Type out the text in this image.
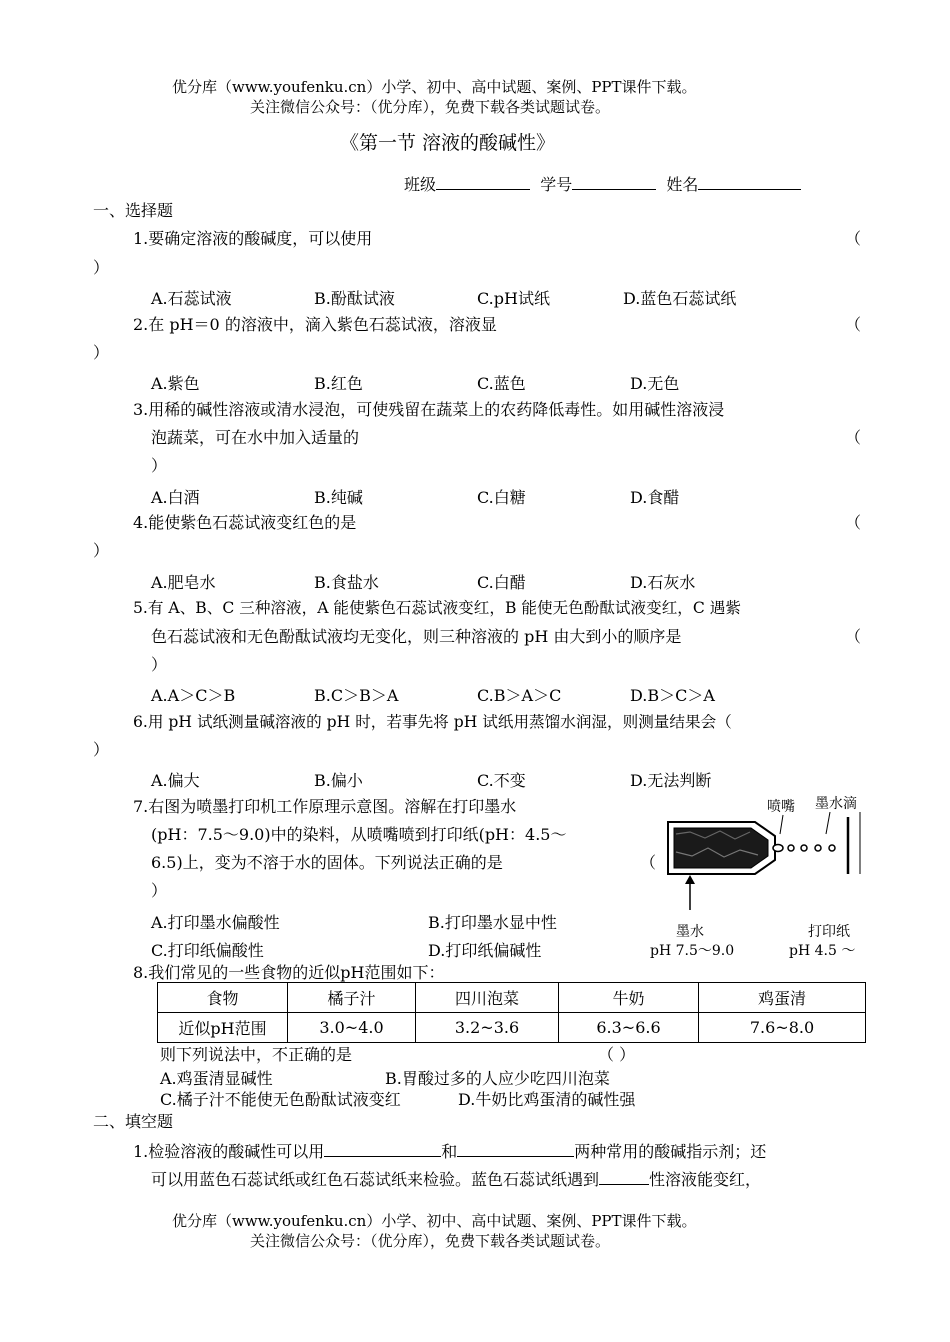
优分库（www.youfenku.cn）小学、初中、高中试题、案例、PPT课件下载。
关注微信公众号：（优分库），免费下载各类试题试卷。
《第一节 溶液的酸碱性》
班级	学号	姓名
一、选择题
1.要确定溶液的酸碱度，可以使用	（
）
A.石蕊试液	B.酚酞试液	C.pH试纸	D.蓝色石蕊试纸
2.在 pH＝0 的溶液中，滴入紫色石蕊试液，溶液显	（
）
A.紫色	B.红色	C.蓝色	D.无色
3.用稀的碱性溶液或清水浸泡，可使残留在蔬菜上的农药降低毒性。如用碱性溶液浸
泡蔬菜，可在水中加入适量的	（
）
A.白酒	B.纯碱	C.白糖	D.食醋
4.能使紫色石蕊试液变红色的是	（
）
A.肥皂水	B.食盐水	C.白醋	D.石灰水
5.有 A、B、C 三种溶液，A 能使紫色石蕊试液变红，B 能使无色酚酞试液变红，C 遇紫
色石蕊试液和无色酚酞试液均无变化，则三种溶液的 pH 由大到小的顺序是	（
）
A.A＞C＞B	B.C＞B＞A	C.B＞A＞C	D.B＞C＞A
6.用 pH 试纸测量碱溶液的 pH 时，若事先将 pH 试纸用蒸馏水润湿，则测量结果会（
）
A.偏大	B.偏小	C.不变	D.无法判断
7.右图为喷墨打印机工作原理示意图。溶解在打印墨水
(pH：7.5～9.0)中的染料，从喷嘴喷到打印纸(pH：4.5～
6.5)上，变为不溶于水的固体。下列说法正确的是	（
）
A.打印墨水偏酸性	B.打印墨水显中性
C.打印纸偏酸性	D.打印纸偏碱性
喷嘴 墨水滴
墨水
pH 7.5～9.0
打印纸
pH 4.5 ～
8.我们常见的一些食物的近似pH范围如下：
食物	橘子汁	四川泡菜	牛奶	鸡蛋清
近似pH范围	3.0~4.0	3.2~3.6	6.3~6.6	7.6~8.0
则下列说法中，不正确的是	（ ）
A.鸡蛋清显碱性	B.胃酸过多的人应少吃四川泡菜
C.橘子汁不能使无色酚酞试液变红	D.牛奶比鸡蛋清的碱性强
二、填空题
1.检验溶液的酸碱性可以用	和	两种常用的酸碱指示剂；还
可以用蓝色石蕊试纸或红色石蕊试纸来检验。蓝色石蕊试纸遇到	性溶液能变红，
优分库（www.youfenku.cn）小学、初中、高中试题、案例、PPT课件下载。
关注微信公众号：（优分库），免费下载各类试题试卷。
